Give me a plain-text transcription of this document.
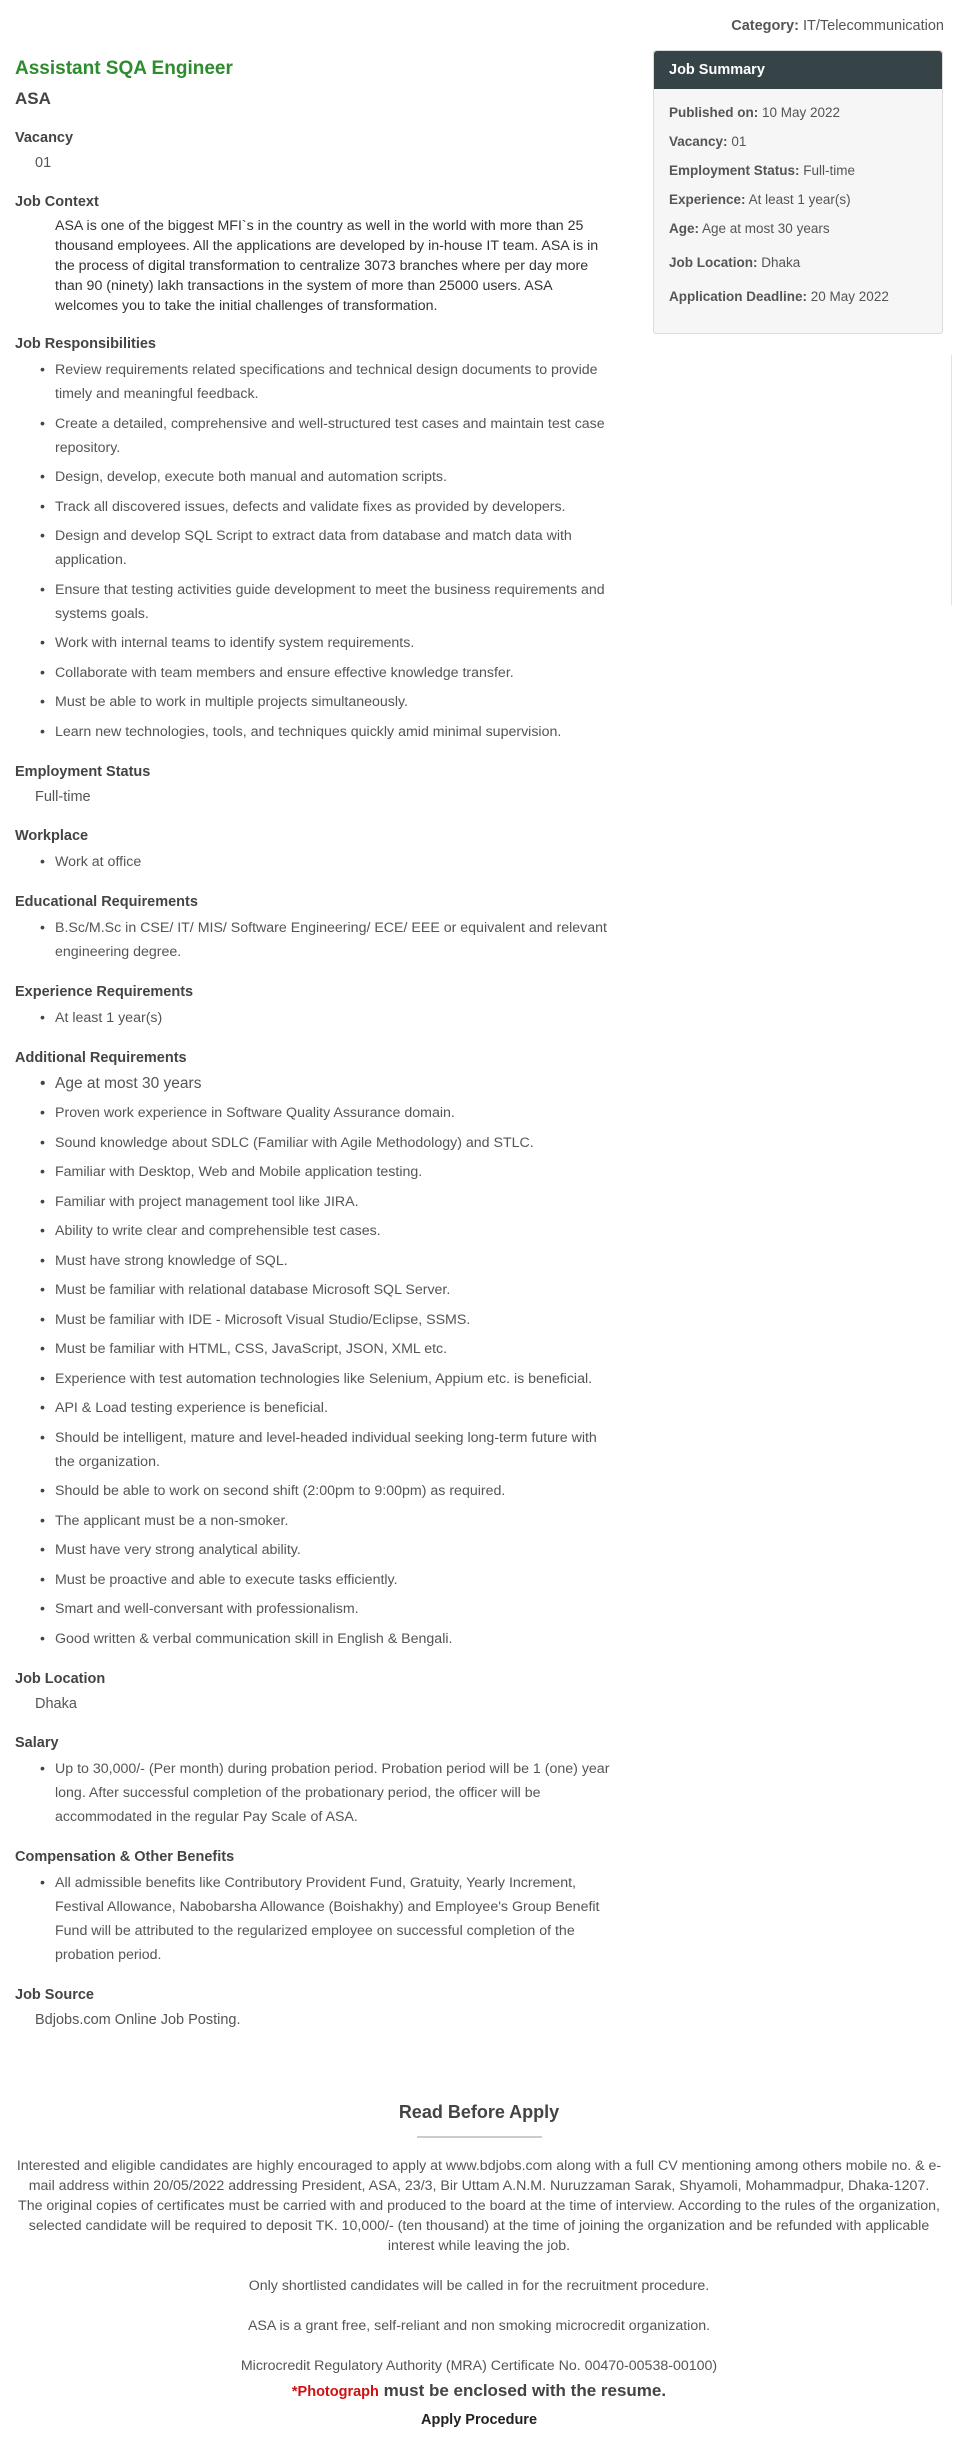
Category: IT/Telecommunication
Assistant SQA Engineer
ASA
Vacancy
01
Job Context
ASA is one of the biggest MFI`s in the country as well in the world with more than 25 thousand employees. All the applications are developed by in-house IT team. ASA is in the process of digital transformation to centralize 3073 branches where per day more than 90 (ninety) lakh transactions in the system of more than 25000 users. ASA welcomes you to take the initial challenges of transformation.
Job Responsibilities
• Review requirements related specifications and technical design documents to provide timely and meaningful feedback.
• Create a detailed, comprehensive and well-structured test cases and maintain test case repository.
• Design, develop, execute both manual and automation scripts.
• Track all discovered issues, defects and validate fixes as provided by developers.
• Design and develop SQL Script to extract data from database and match data with application.
• Ensure that testing activities guide development to meet the business requirements and systems goals.
• Work with internal teams to identify system requirements.
• Collaborate with team members and ensure effective knowledge transfer.
• Must be able to work in multiple projects simultaneously.
• Learn new technologies, tools, and techniques quickly amid minimal supervision.
Employment Status
Full-time
Workplace
• Work at office
Educational Requirements
• B.Sc/M.Sc in CSE/ IT/ MIS/ Software Engineering/ ECE/ EEE or equivalent and relevant engineering degree.
Experience Requirements
• At least 1 year(s)
Additional Requirements
• Age at most 30 years
• Proven work experience in Software Quality Assurance domain.
• Sound knowledge about SDLC (Familiar with Agile Methodology) and STLC.
• Familiar with Desktop, Web and Mobile application testing.
• Familiar with project management tool like JIRA.
• Ability to write clear and comprehensible test cases.
• Must have strong knowledge of SQL.
• Must be familiar with relational database Microsoft SQL Server.
• Must be familiar with IDE - Microsoft Visual Studio/Eclipse, SSMS.
• Must be familiar with HTML, CSS, JavaScript, JSON, XML etc.
• Experience with test automation technologies like Selenium, Appium etc. is beneficial.
• API & Load testing experience is beneficial.
• Should be intelligent, mature and level-headed individual seeking long-term future with the organization.
• Should be able to work on second shift (2:00pm to 9:00pm) as required.
• The applicant must be a non-smoker.
• Must have very strong analytical ability.
• Must be proactive and able to execute tasks efficiently.
• Smart and well-conversant with professionalism.
• Good written & verbal communication skill in English & Bengali.
Job Location
Dhaka
Salary
• Up to 30,000/- (Per month) during probation period. Probation period will be 1 (one) year long. After successful completion of the probationary period, the officer will be accommodated in the regular Pay Scale of ASA.
Compensation & Other Benefits
• All admissible benefits like Contributory Provident Fund, Gratuity, Yearly Increment, Festival Allowance, Nabobarsha Allowance (Boishakhy) and Employee's Group Benefit Fund will be attributed to the regularized employee on successful completion of the probation period.
Job Source
Bdjobs.com Online Job Posting.
Job Summary
Published on: 10 May 2022
Vacancy: 01
Employment Status: Full-time
Experience: At least 1 year(s)
Age: Age at most 30 years
Job Location: Dhaka
Application Deadline: 20 May 2022
Read Before Apply

Interested and eligible candidates are highly encouraged to apply at www.bdjobs.com along with a full CV mentioning among others mobile no. & e-mail address within 20/05/2022 addressing President, ASA, 23/3, Bir Uttam A.N.M. Nuruzzaman Sarak, Shyamoli, Mohammadpur, Dhaka-1207. The original copies of certificates must be carried with and produced to the board at the time of interview. According to the rules of the organization, selected candidate will be required to deposit TK. 10,000/- (ten thousand) at the time of joining the organization and be refunded with applicable interest while leaving the job.

Only shortlisted candidates will be called in for the recruitment procedure.

ASA is a grant free, self-reliant and non smoking microcredit organization.

Microcredit Regulatory Authority (MRA) Certificate No. 00470-00538-00100)

*Photograph must be enclosed with the resume.
Apply Procedure
